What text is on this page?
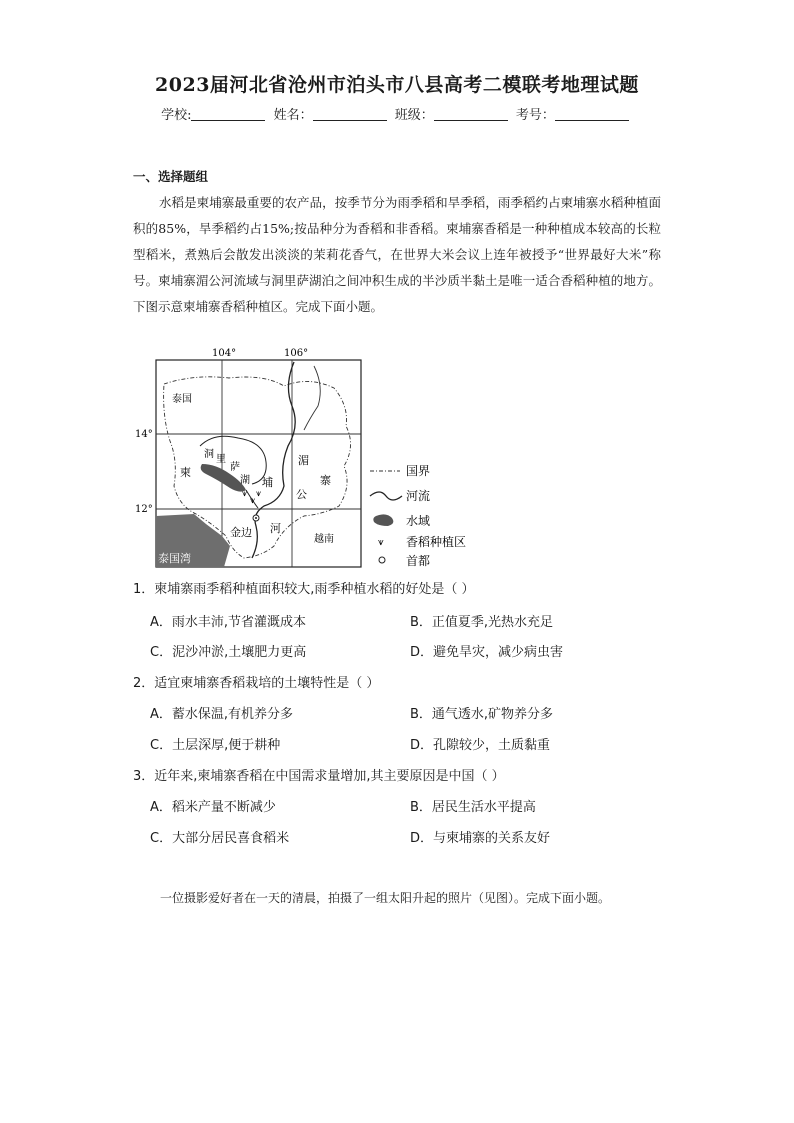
2023届河北省沧州市泊头市八县高考二模联考地理试题
学校:	姓名：	班级：	考号：
一、选择题组
水稻是柬埔寨最重要的农产品，按季节分为雨季稻和旱季稻，雨季稻约占柬埔寨水稻种植面积的85%，旱季稻约占15%;按品种分为香稻和非香稻。柬埔寨香稻是一种种植成本较高的长粒型稻米，煮熟后会散发出淡淡的茉莉花香气，在世界大米会议上连年被授予“世界最好大米”称号。柬埔寨湄公河流域与洞里萨湖泊之间冲积生成的半沙质半黏土是唯一适合香稻种植的地方。下图示意柬埔寨香稻种植区。完成下面小题。
⩛
⩛
⩛
104°	106°
14°
12°
泰国
洞 里
萨
湖
柬
埔	寨
湄
公
河
金边
越南
泰国湾
国界
河流
水域
⩛ 香稻种植区
首都
1．柬埔寨雨季稻种植面积较大,雨季种植水稻的好处是（ ）
A．雨水丰沛,节省灌溉成本	B．正值夏季,光热水充足
C．泥沙冲淤,土壤肥力更高	D．避免旱灾，减少病虫害
2．适宜柬埔寨香稻栽培的土壤特性是（ ）
A．蓄水保温,有机养分多	B．通气透水,矿物养分多
C．土层深厚,便于耕种	D．孔隙较少，土质黏重
3．近年来,柬埔寨香稻在中国需求量增加,其主要原因是中国（ ）
A．稻米产量不断减少	B．居民生活水平提高
C．大部分居民喜食稻米	D．与柬埔寨的关系友好
一位摄影爱好者在一天的清晨，拍摄了一组太阳升起的照片（见图）。完成下面小题。
